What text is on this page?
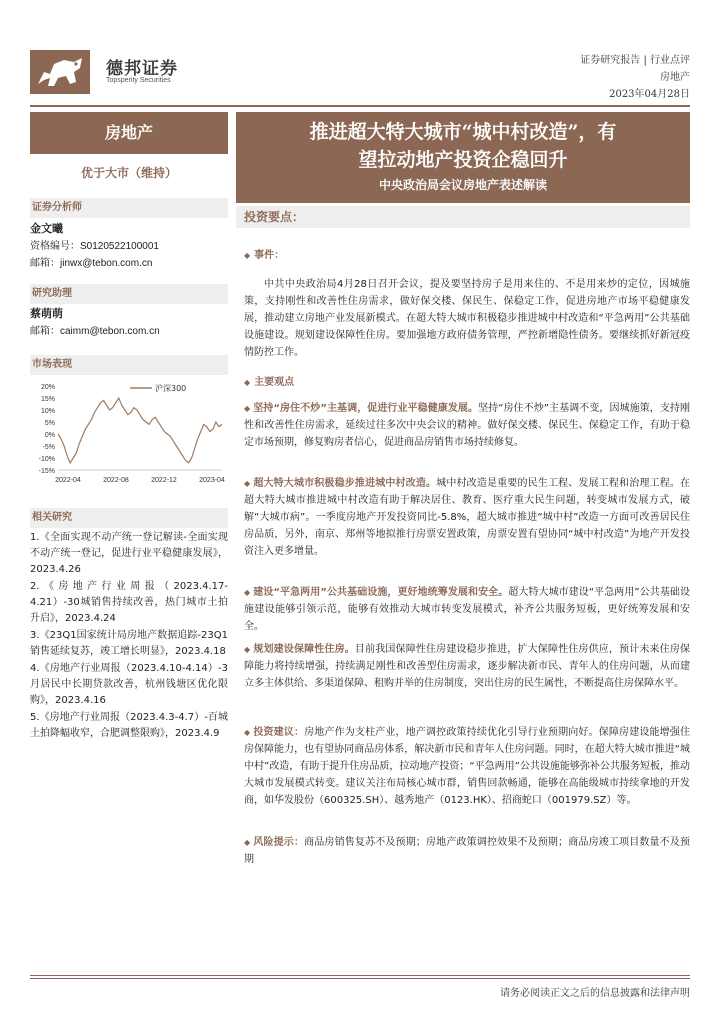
德邦证券
Topsperity Securities
证券研究报告 | 行业点评
房地产
2023年04月28日
房地产
优于大市（维持）
证券分析师
金文曦
资格编号：S0120522100001
邮箱：jinwx@tebon.com.cn
研究助理
蔡萌萌
邮箱：caimm@tebon.com.cn
市场表现
20%
15%
10%
5%
0%
-5%
-10%
-15%
2022-04	2022-08	2022-12	2023-04
沪深300
相关研究
1.《全面实现不动产统一登记解读-全面实现不动产统一登记，促进行业平稳健康发展》，2023.4.26
2.《房地产行业周报（2023.4.17-4.21）-30城销售持续改善，热门城市土拍升启》，2023.4.24
3.《23Q1国家统计局房地产数据追踪-23Q1销售延续复苏，竣工增长明显》，2023.4.18
4.《房地产行业周报（2023.4.10-4.14）-3月居民中长期贷款改善，杭州钱塘区优化限购》，2023.4.16
5.《房地产行业周报（2023.4.3-4.7）-百城土拍降幅收窄，合肥调整限购》，2023.4.9
推进超大特大城市“城中村改造”，有
望拉动地产投资企稳回升
中央政治局会议房地产表述解读
投资要点：
◆ 事件：
中共中央政治局4月28日召开会议，提及要坚持房子是用来住的、不是用来炒的定位，因城施策，支持刚性和改善性住房需求，做好保交楼、保民生、保稳定工作，促进房地产市场平稳健康发展，推动建立房地产业发展新模式。在超大特大城市积极稳步推进城中村改造和“平急两用”公共基础设施建设。规划建设保障性住房。要加强地方政府债务管理，严控新增隐性债务。要继续抓好新冠疫情防控工作。
◆ 主要观点
◆ 坚持“房住不炒”主基调，促进行业平稳健康发展。坚持“房住不炒”主基调不变，因城施策，支持刚性和改善性住房需求，延续过往多次中央会议的精神。做好保交楼、保民生、保稳定工作，有助于稳定市场预期，修复购房者信心，促进商品房销售市场持续修复。
◆ 超大特大城市积极稳步推进城中村改造。城中村改造是重要的民生工程、发展工程和治理工程。在超大特大城市推进城中村改造有助于解决居住、教育、医疗重大民生问题，转变城市发展方式，破解“大城市病”。一季度房地产开发投资同比-5.8%，超大城市推进“城中村”改造一方面可改善居民住房品质，另外，南京、郑州等地拟推行房票安置政策，房票安置有望协同“城中村改造”为地产开发投资注入更多增量。
◆ 建设“平急两用”公共基础设施，更好地统筹发展和安全。超大特大城市建设“平急两用”公共基础设施建设能够引领示范，能够有效推动大城市转变发展模式，补齐公共服务短板，更好统筹发展和安全。
◆ 规划建设保障性住房。目前我国保障性住房建设稳步推进，扩大保障性住房供应，预计未来住房保障能力将持续增强，持续满足刚性和改善型住房需求，逐步解决新市民、青年人的住房问题，从而建立多主体供给、多渠道保障、租购并举的住房制度，突出住房的民生属性，不断提高住房保障水平。
◆ 投资建议：房地产作为支柱产业，地产调控政策持续优化引导行业预期向好。保障房建设能增强住房保障能力，也有望协同商品房体系，解决新市民和青年人住房问题。同时，在超大特大城市推进“城中村”改造，有助于提升住房品质，拉动地产投资；“平急两用”公共设施能够弥补公共服务短板，推动大城市发展模式转变。建议关注布局核心城市群，销售回款畅通，能够在高能级城市持续拿地的开发商，如华发股份（600325.SH）、越秀地产（0123.HK）、招商蛇口（001979.SZ）等。
◆ 风险提示：商品房销售复苏不及预期；房地产政策调控效果不及预期；商品房竣工项目数量不及预期
请务必阅读正文之后的信息披露和法律声明
